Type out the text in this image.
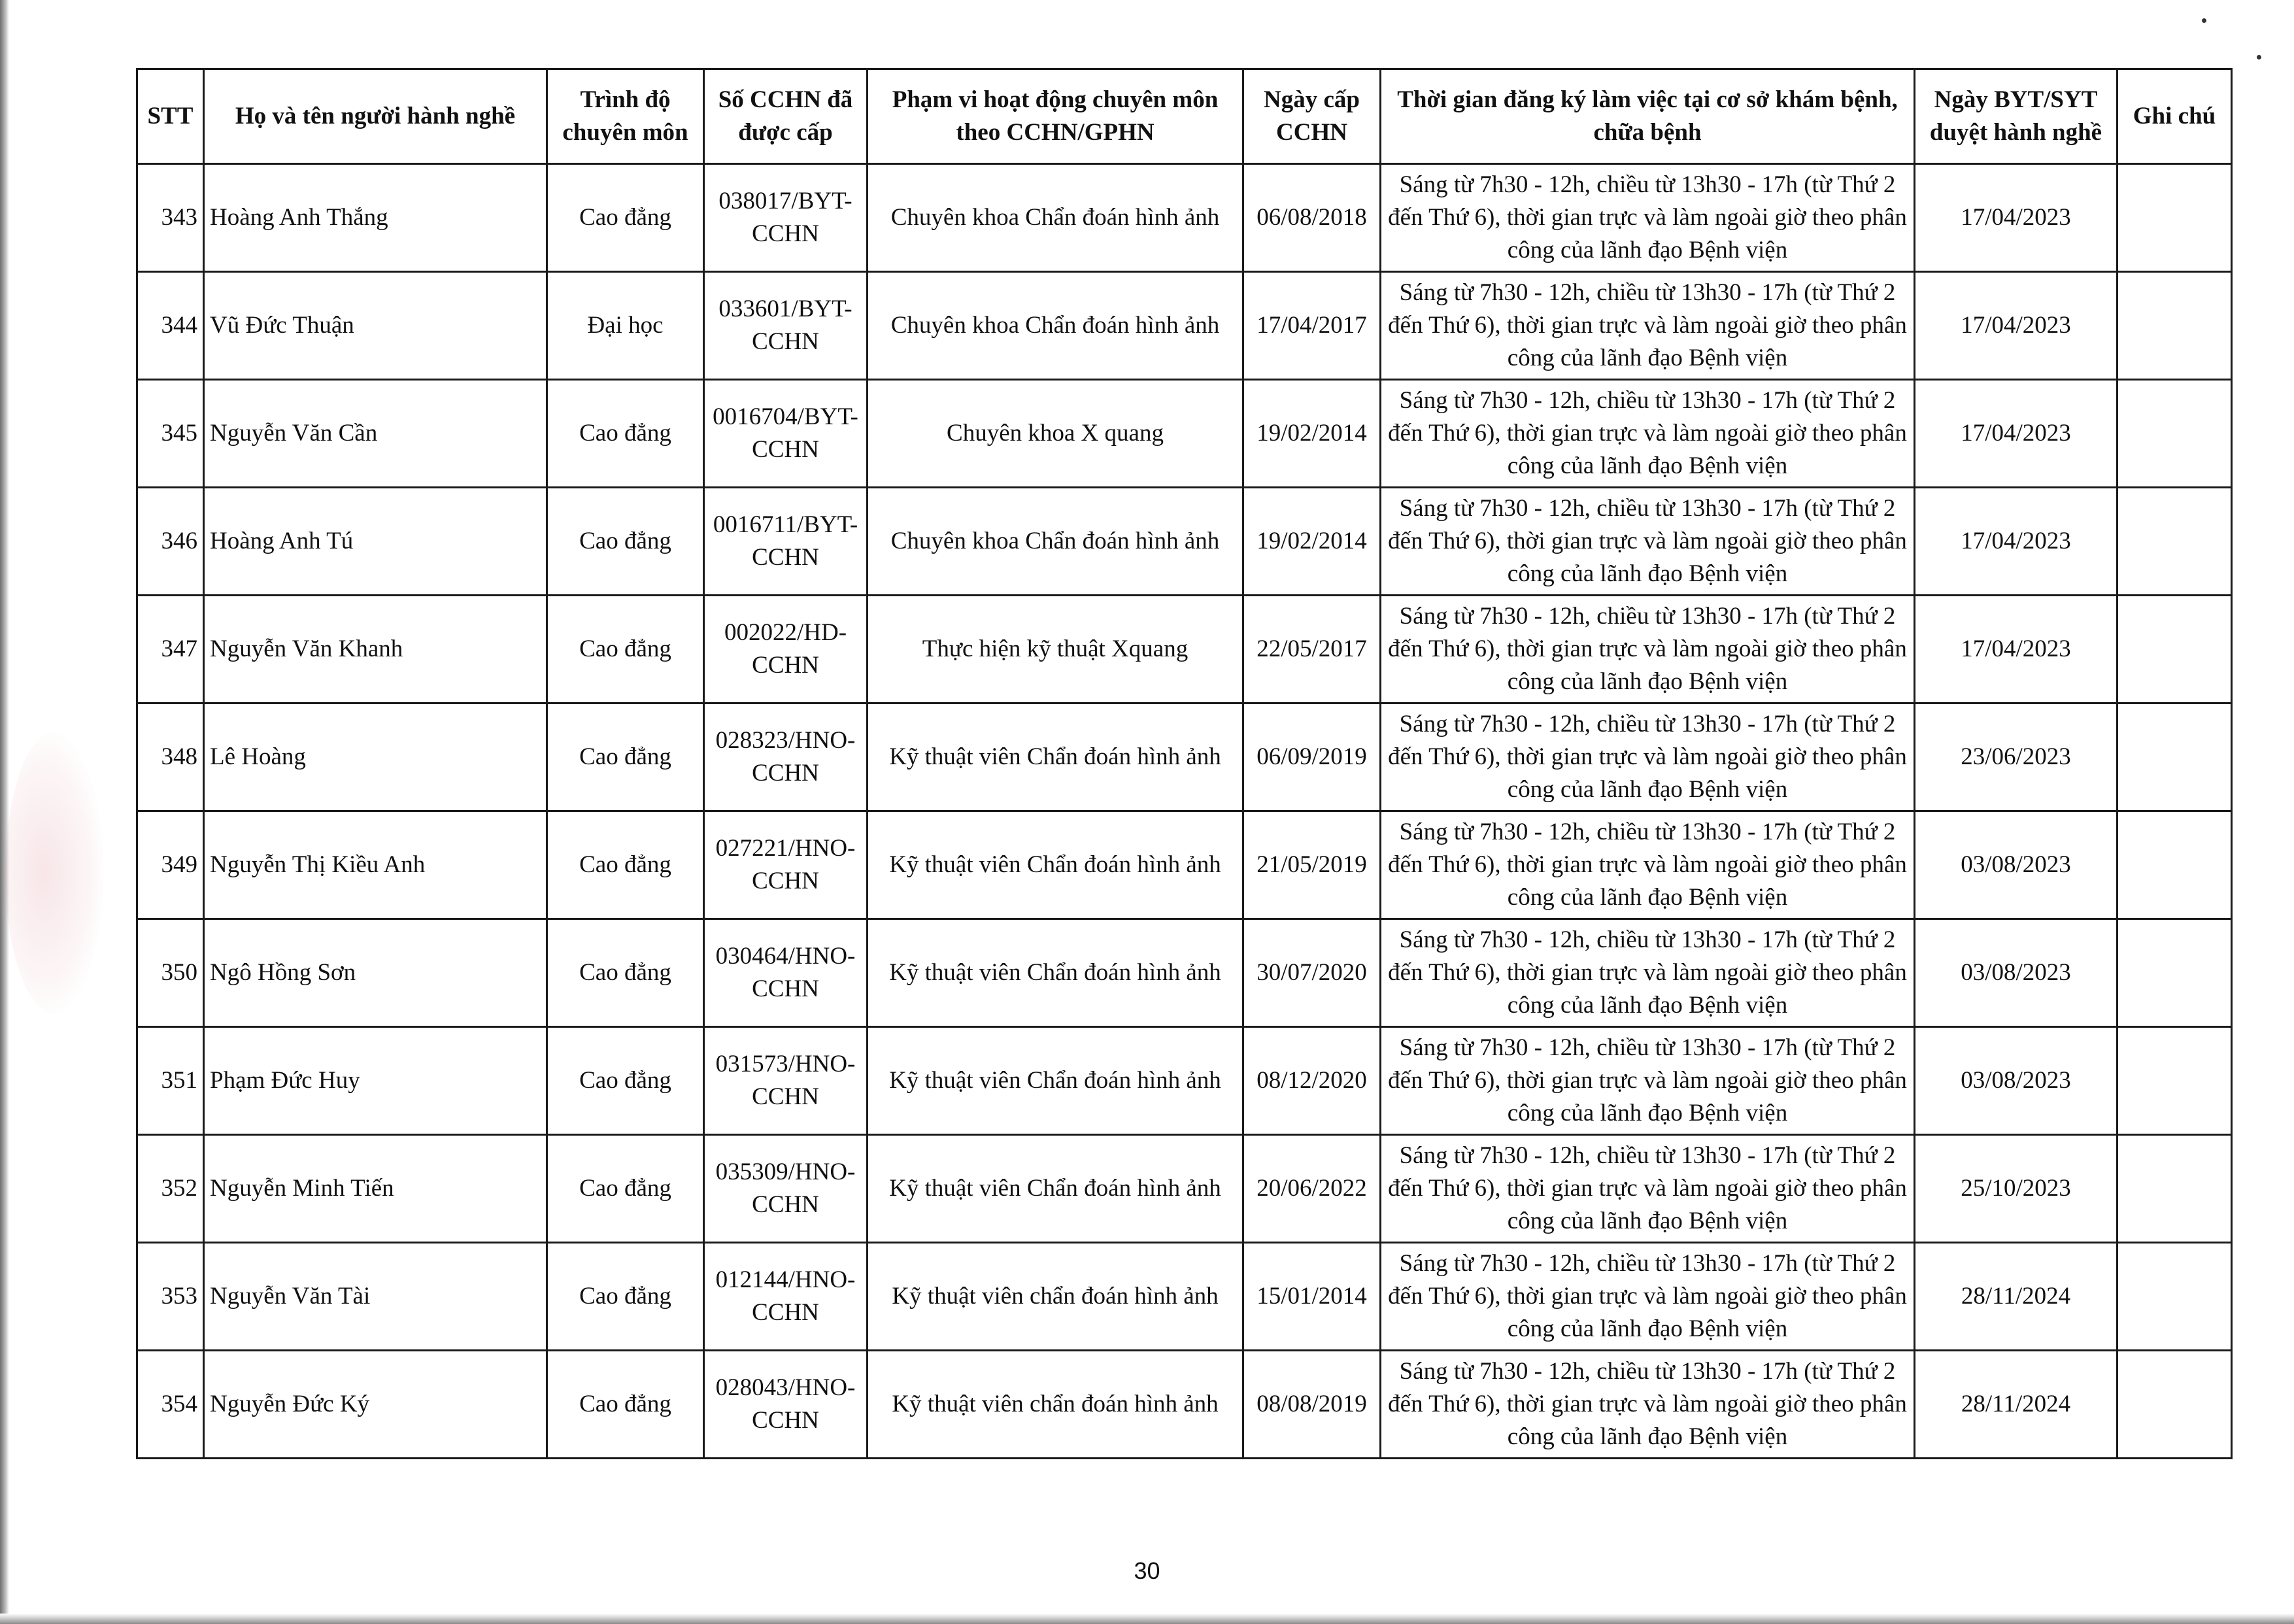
STT	Họ và tên người hành nghề	Trình độ chuyên môn	Số CCHN đã được cấp	Phạm vi hoạt động chuyên môn theo CCHN/GPHN	Ngày cấp CCHN	Thời gian đăng ký làm việc tại cơ sở khám bệnh, chữa bệnh	Ngày BYT/SYT duyệt hành nghề	Ghi chú
343	Hoàng Anh Thắng	Cao đẳng	038017/BYT-CCHN	Chuyên khoa Chẩn đoán hình ảnh	06/08/2018	Sáng từ 7h30 - 12h, chiều từ 13h30 - 17h (từ Thứ 2 đến Thứ 6), thời gian trực và làm ngoài giờ theo phân công của lãnh đạo Bệnh viện	17/04/2023	
344	Vũ Đức Thuận	Đại học	033601/BYT-CCHN	Chuyên khoa Chẩn đoán hình ảnh	17/04/2017	Sáng từ 7h30 - 12h, chiều từ 13h30 - 17h (từ Thứ 2 đến Thứ 6), thời gian trực và làm ngoài giờ theo phân công của lãnh đạo Bệnh viện	17/04/2023	
345	Nguyễn Văn Cần	Cao đẳng	0016704/BYT-CCHN	Chuyên khoa X quang	19/02/2014	Sáng từ 7h30 - 12h, chiều từ 13h30 - 17h (từ Thứ 2 đến Thứ 6), thời gian trực và làm ngoài giờ theo phân công của lãnh đạo Bệnh viện	17/04/2023	
346	Hoàng Anh Tú	Cao đẳng	0016711/BYT-CCHN	Chuyên khoa Chẩn đoán hình ảnh	19/02/2014	Sáng từ 7h30 - 12h, chiều từ 13h30 - 17h (từ Thứ 2 đến Thứ 6), thời gian trực và làm ngoài giờ theo phân công của lãnh đạo Bệnh viện	17/04/2023	
347	Nguyễn Văn Khanh	Cao đẳng	002022/HD-CCHN	Thực hiện kỹ thuật Xquang	22/05/2017	Sáng từ 7h30 - 12h, chiều từ 13h30 - 17h (từ Thứ 2 đến Thứ 6), thời gian trực và làm ngoài giờ theo phân công của lãnh đạo Bệnh viện	17/04/2023	
348	Lê Hoàng	Cao đẳng	028323/HNO-CCHN	Kỹ thuật viên Chẩn đoán hình ảnh	06/09/2019	Sáng từ 7h30 - 12h, chiều từ 13h30 - 17h (từ Thứ 2 đến Thứ 6), thời gian trực và làm ngoài giờ theo phân công của lãnh đạo Bệnh viện	23/06/2023	
349	Nguyễn Thị Kiều Anh	Cao đẳng	027221/HNO-CCHN	Kỹ thuật viên Chẩn đoán hình ảnh	21/05/2019	Sáng từ 7h30 - 12h, chiều từ 13h30 - 17h (từ Thứ 2 đến Thứ 6), thời gian trực và làm ngoài giờ theo phân công của lãnh đạo Bệnh viện	03/08/2023	
350	Ngô Hồng Sơn	Cao đẳng	030464/HNO-CCHN	Kỹ thuật viên Chẩn đoán hình ảnh	30/07/2020	Sáng từ 7h30 - 12h, chiều từ 13h30 - 17h (từ Thứ 2 đến Thứ 6), thời gian trực và làm ngoài giờ theo phân công của lãnh đạo Bệnh viện	03/08/2023	
351	Phạm Đức Huy	Cao đẳng	031573/HNO-CCHN	Kỹ thuật viên Chẩn đoán hình ảnh	08/12/2020	Sáng từ 7h30 - 12h, chiều từ 13h30 - 17h (từ Thứ 2 đến Thứ 6), thời gian trực và làm ngoài giờ theo phân công của lãnh đạo Bệnh viện	03/08/2023	
352	Nguyễn Minh Tiến	Cao đẳng	035309/HNO-CCHN	Kỹ thuật viên Chẩn đoán hình ảnh	20/06/2022	Sáng từ 7h30 - 12h, chiều từ 13h30 - 17h (từ Thứ 2 đến Thứ 6), thời gian trực và làm ngoài giờ theo phân công của lãnh đạo Bệnh viện	25/10/2023	
353	Nguyễn Văn Tài	Cao đẳng	012144/HNO-CCHN	Kỹ thuật viên chẩn đoán hình ảnh	15/01/2014	Sáng từ 7h30 - 12h, chiều từ 13h30 - 17h (từ Thứ 2 đến Thứ 6), thời gian trực và làm ngoài giờ theo phân công của lãnh đạo Bệnh viện	28/11/2024	
354	Nguyễn Đức Ký	Cao đẳng	028043/HNO-CCHN	Kỹ thuật viên chẩn đoán hình ảnh	08/08/2019	Sáng từ 7h30 - 12h, chiều từ 13h30 - 17h (từ Thứ 2 đến Thứ 6), thời gian trực và làm ngoài giờ theo phân công của lãnh đạo Bệnh viện	28/11/2024	
30
